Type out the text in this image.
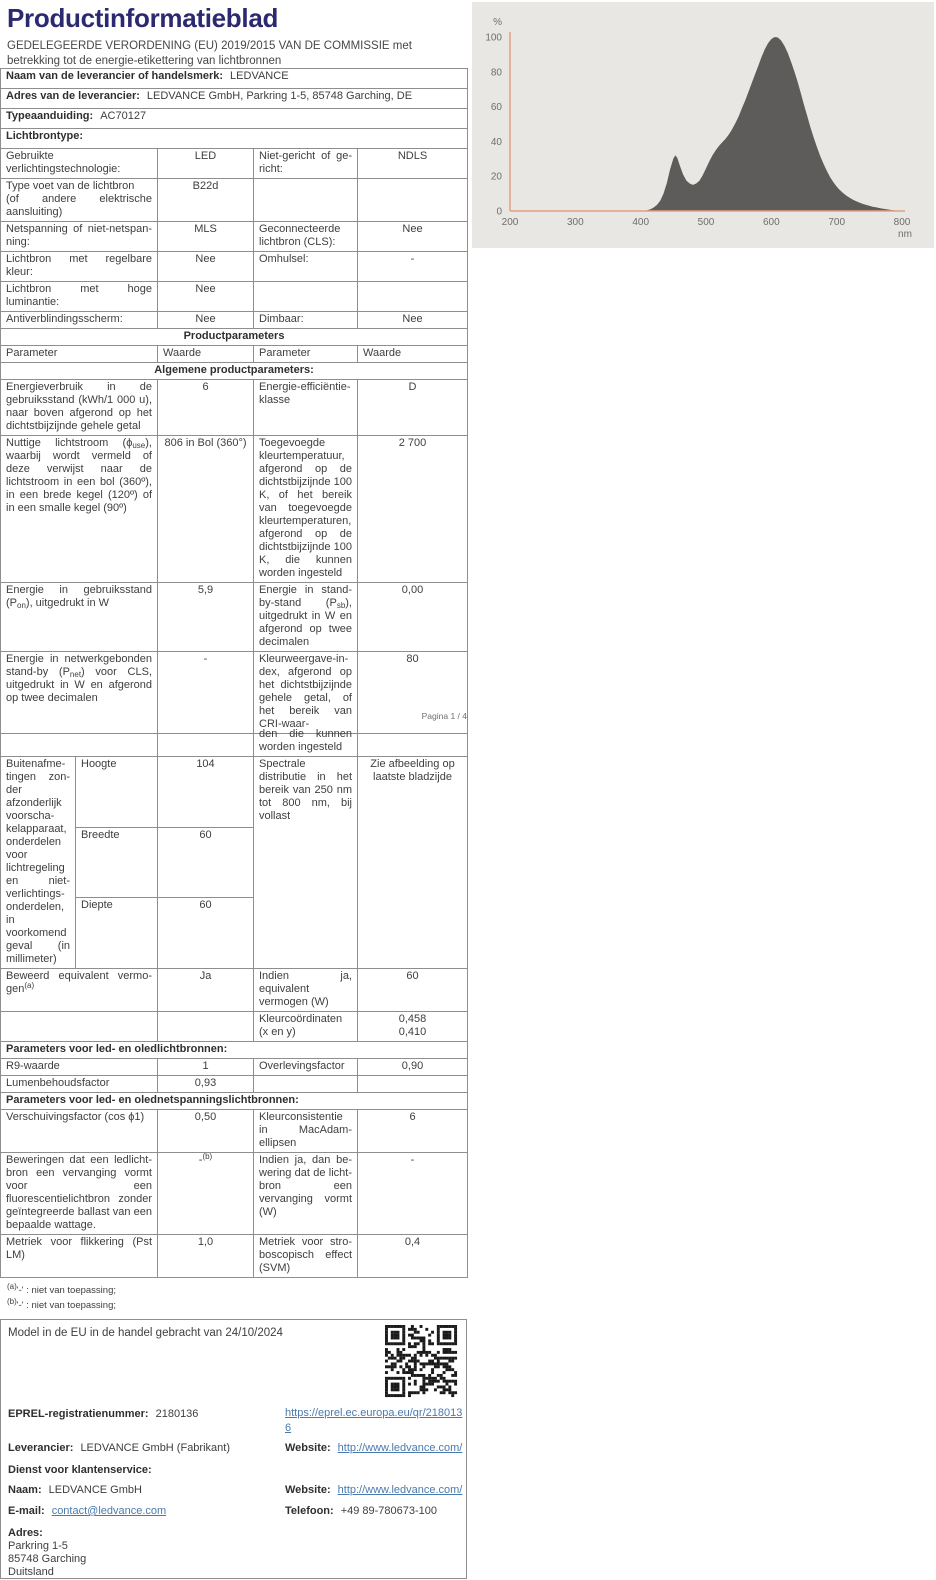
Productinformatieblad
GEDELEGEERDE VERORDENING (EU) 2019/2015 VAN DE COMMISSIE met betrekking tot de energie-etikettering van lichtbronnen
200	300	400	500	600	700	800
0
20
40
60
80
100
%
nm
Naam van de leverancier of handelsmerk: LEDVANCE			
Adres van de leverancier: LEDVANCE GmbH, Parkring 1-5, 85748 Garching, DE			
Typeaanduiding: AC70127			
Lichtbrontype:			
Gebruikte verlichtingstechnologie:	LED	Niet-gericht of gericht:	NDLS
Type voet van de lichtbron
(of andere elektrische aansluiting)	B22d		
Netspanning of niet-netspanning:	MLS	Geconnecteerde lichtbron (CLS):	Nee
Lichtbron met regelbare kleur:	Nee	Omhulsel:	-
Lichtbron met hoge luminantie:	Nee		
Antiverblindingsscherm:	Nee	Dimbaar:	Nee
Productparameters			
Parameter	Waarde	Parameter	Waarde
Algemene productparameters:			
Energieverbruik in de gebruiksstand (kWh/1 000 u), naar boven afgerond op het dichtstbijzijnde gehele getal	6	Energie-efficiëntieklasse	D
Nuttige lichtstroom $(\phi_{use})$, waarbij wordt vermeld of deze verwijst naar de lichtstroom in een bol (360º), in een brede kegel (120º) of in een smalle kegel (90º)	806 in Bol (360°)	Toegevoegde kleurtemperatuur, afgerond op de dichtstbijzijnde 100 K, of het bereik van toegevoegde kleurtemperaturen, afgerond op de dichtstbijzijnde 100 K, die kunnen worden ingesteld	2 700
Energie in gebruiksstand $(P_{on})$, uitgedrukt in W	5,9	Energie in stand-by-stand $(P_{sb})$, uitgedrukt in W en afgerond op twee decimalen	0,00
Energie in netwerkgebonden stand-by $(P_{net})$ voor CLS, uitgedrukt in W en afgerond op twee decimalen	-	Kleurweergave-index, afgerond op het dichtstbijzijnde gehele getal, of het bereik van CRI-waar-	80
Pagina 1 / 4
			den die kunnen worden ingesteld	
Buitenafmetingen zonder afzonderlijk voorschakelapparaat, onderdelen voor lichtregeling en niet-verlichtingsonderdelen, in voorkomend geval (in millimeter)	Hoogte	104	Spectrale distributie in het bereik van 250 nm tot 800 nm, bij vollast	Zie afbeelding op laatste bladzijde
	Breedte	60		
	Diepte	60		
Beweerd equivalent vermogen$^{(a)}$		Ja	Indien ja, equivalent vermogen (W)	60
			Kleurcoördinaten (x en y)	0,458
0,410
Parameters voor led- en oledlichtbronnen:				
R9-waarde		1	Overlevingsfactor	0,90
Lumenbehoudsfactor		0,93		
Parameters voor led- en olednetspanningslichtbronnen:				
Verschuivingsfactor (cos ϕ1)		0,50	Kleurconsistentie in MacAdam-ellipsen	6
Beweringen dat een ledlichtbron een vervanging vormt voor een fluorescentielichtbron zonder geïntegreerde ballast van een bepaalde wattage.		-$^{(b)}$	Indien ja, dan bewering dat de lichtbron een vervanging vormt (W)	-
Metriek voor flikkering (Pst LM)		1,0	Metriek voor stroboscopisch effect (SVM)	0,4
$^{(a)}$'-' : niet van toepassing;
$^{(b)}$'-' : niet van toepassing;
Model in de EU in de handel gebracht van 24/10/2024
EPREL-registratienummer: 2180136	https://eprel.ec.europa.eu/qr/2180136
Leverancier: LEDVANCE GmbH (Fabrikant)	Website: http://www.ledvance.com/
Dienst voor klantenservice:
Naam: LEDVANCE GmbH	Website: http://www.ledvance.com/
E-mail: contact@ledvance.com	Telefoon: +49 89-780673-100
Adres:
Parkring 1-5
85748 Garching
Duitsland
